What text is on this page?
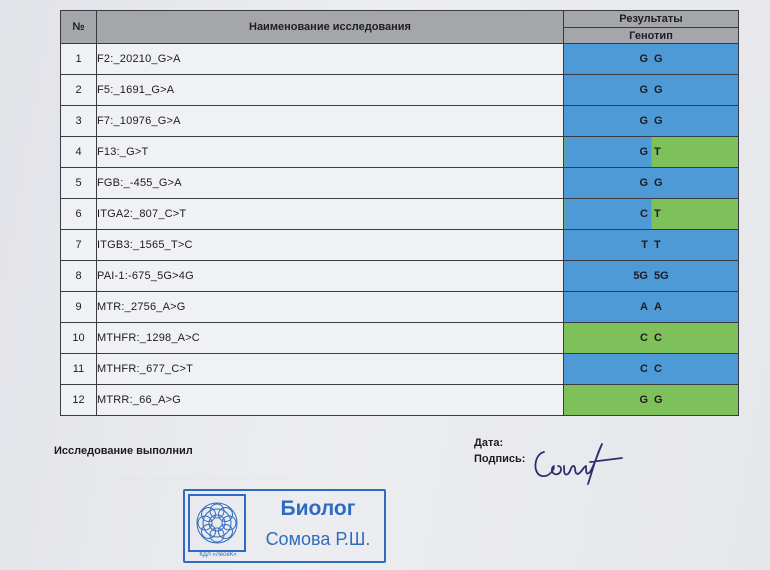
·······································
№	Наименование исследования	Результаты
		Генотип
1	F2:_20210_G>A	G G

2	F5:_1691_G>A	G G

3	F7:_10976_G>A	G G

4	F13:_G>T	G T

5	FGB:_-455_G>A	G G

6	ITGA2:_807_C>T	C T

7	ITGB3:_1565_T>C	T T

8	PAI-1:-675_5G>4G	5G 5G

9	MTR:_2756_A>G	A A

10	MTHFR:_1298_A>C	C C

11	MTHFR:_677_C>T	C C

12	MTRR:_66_A>G	G G
Исследование выполнил
Дата:
Подпись:
КДЛ «ЛеоеК»
Биолог
Сомова Р.Ш.
